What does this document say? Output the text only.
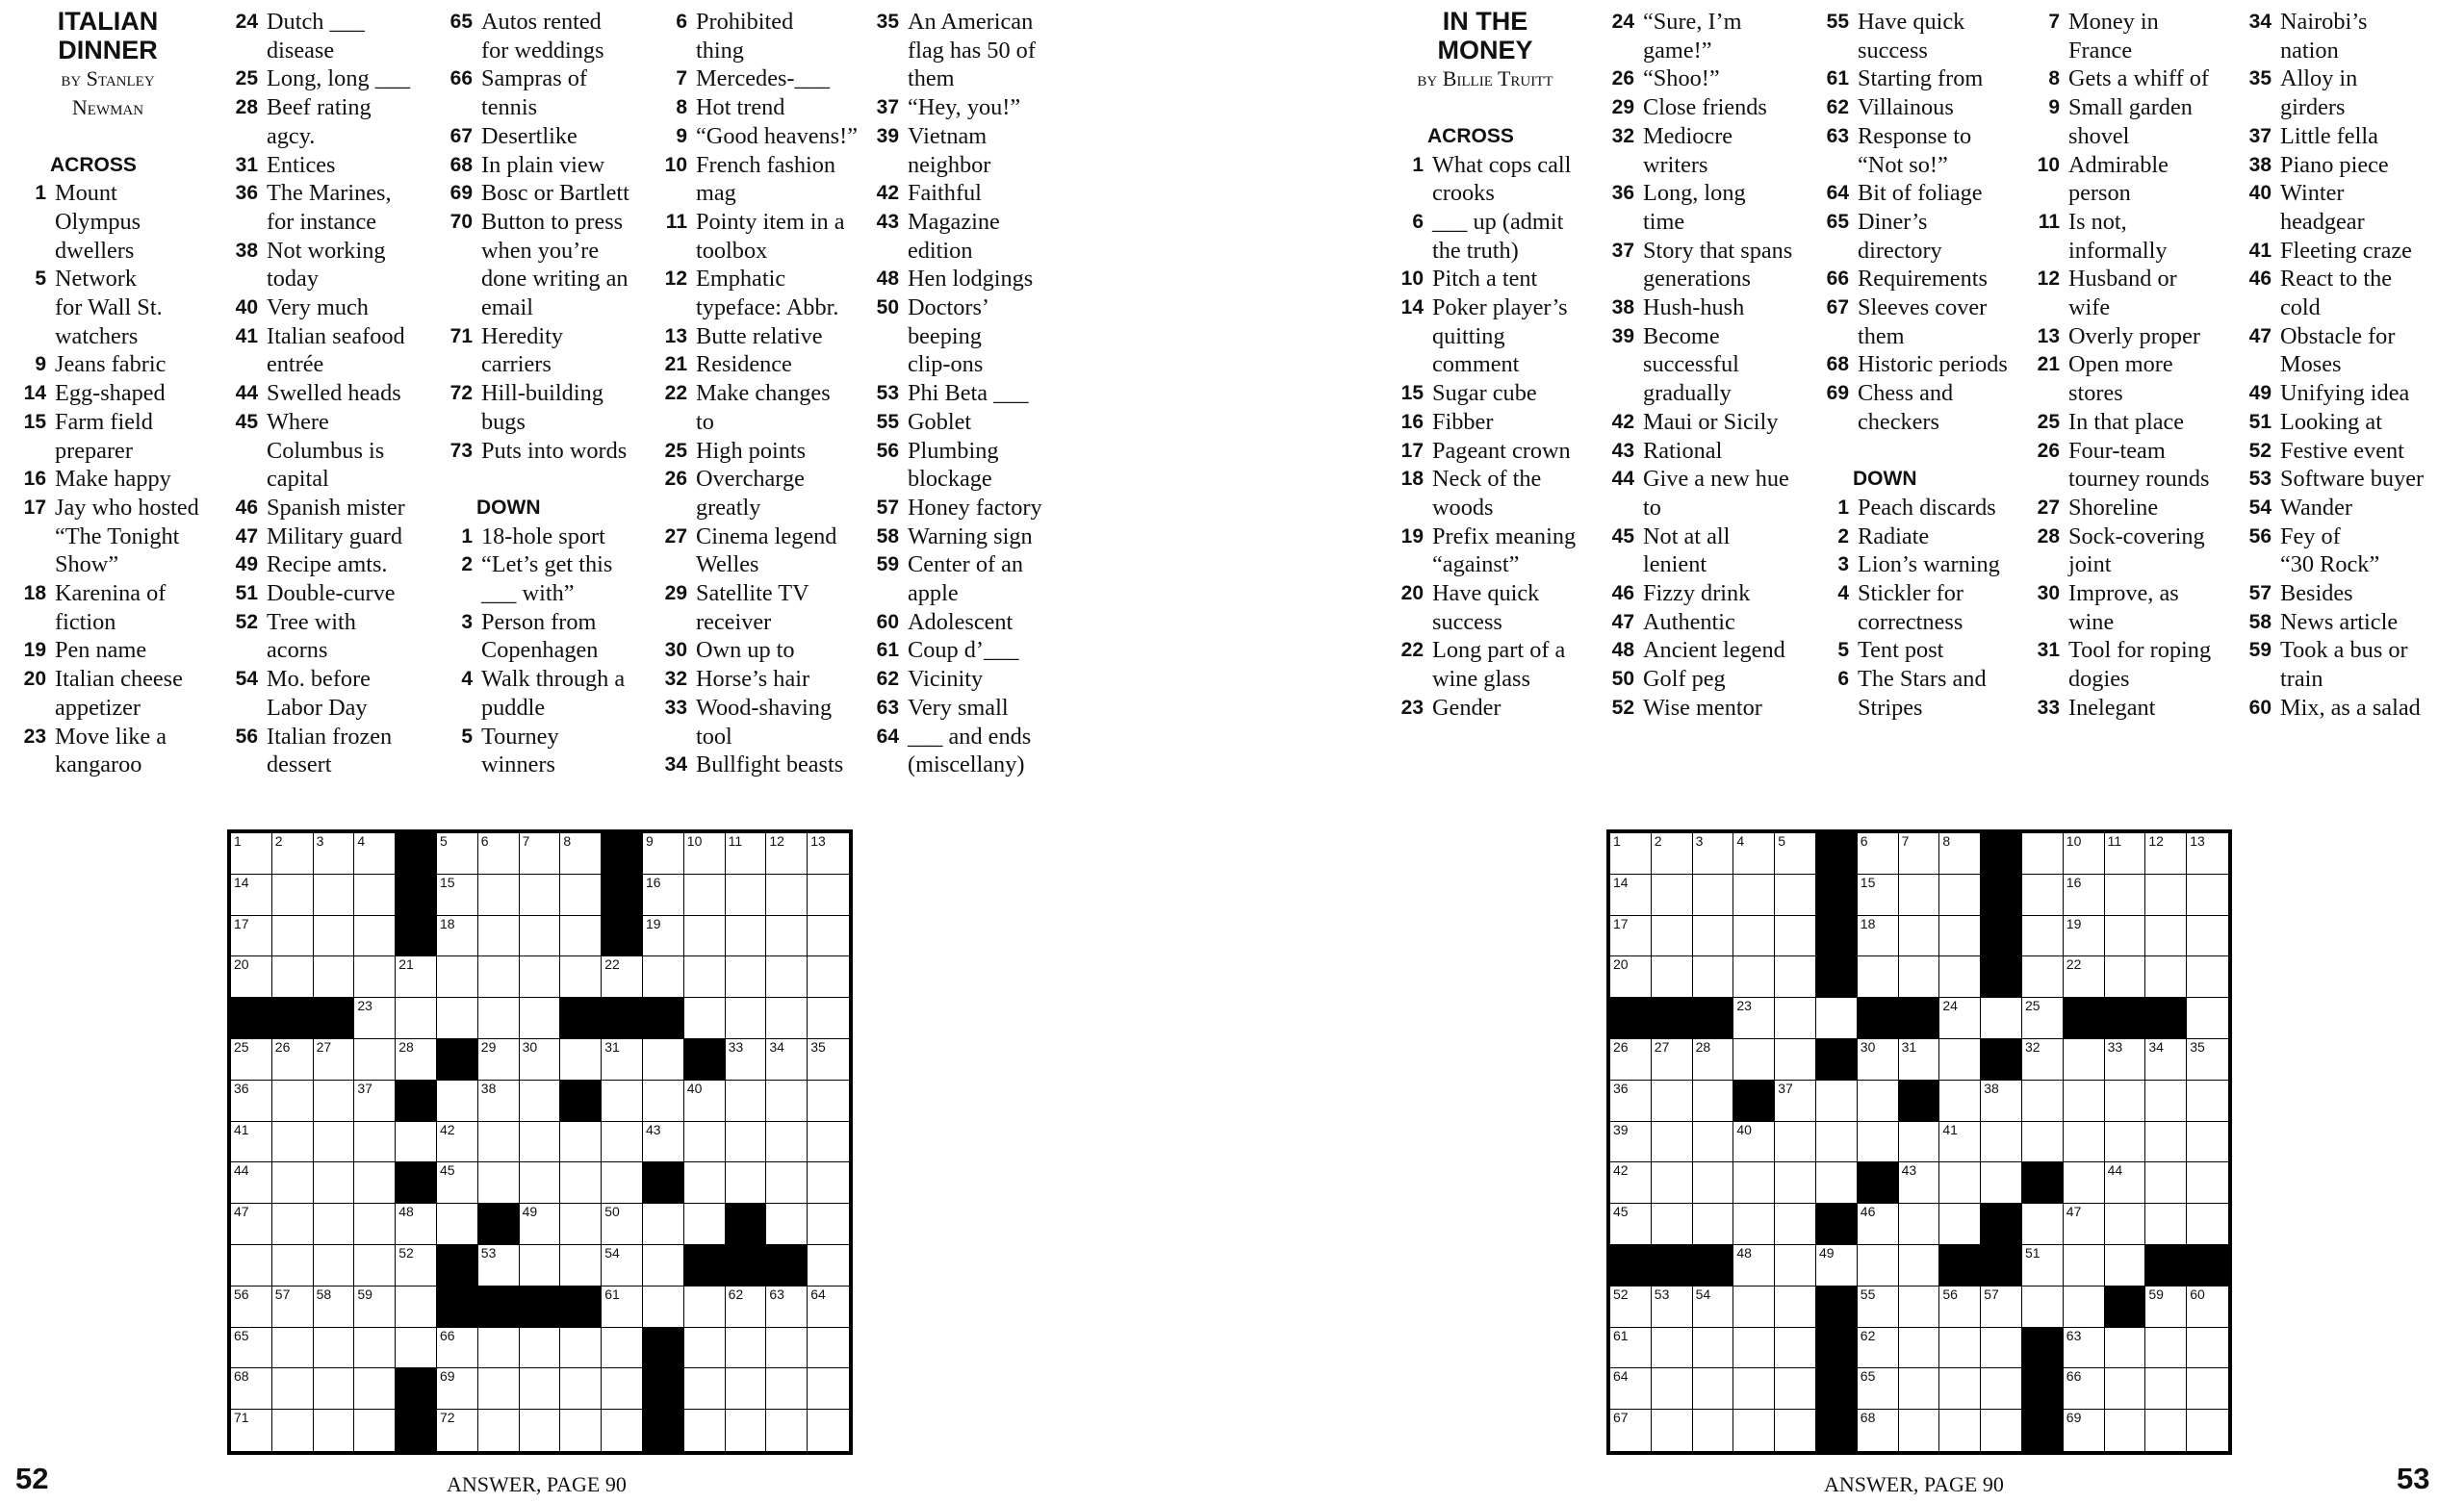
ITALIAN
DINNER
by Stanley
Newman
ACROSS
1 Mount
Olympus
dwellers
5 Network
for Wall St.
watchers
9 Jeans fabric
14 Egg-shaped
15 Farm field
preparer
16 Make happy
17 Jay who hosted
“The Tonight
Show”
18 Karenina of
fiction
19 Pen name
20 Italian cheese
appetizer
23 Move like a
kangaroo
24 Dutch ___
disease
25 Long, long ___
28 Beef rating
agcy.
31 Entices
36 The Marines,
for instance
38 Not working
today
40 Very much
41 Italian seafood
entrée
44 Swelled heads
45 Where
Columbus is
capital
46 Spanish mister
47 Military guard
49 Recipe amts.
51 Double-curve
52 Tree with
acorns
54 Mo. before
Labor Day
56 Italian frozen
dessert
65 Autos rented
for weddings
66 Sampras of
tennis
67 Desertlike
68 In plain view
69 Bosc or Bartlett
70 Button to press
when you’re
done writing an
email
71 Heredity
carriers
72 Hill-building
bugs
73 Puts into words
DOWN
1 18-hole sport
2 “Let’s get this
___ with”
3 Person from
Copenhagen
4 Walk through a
puddle
5 Tourney
winners
6 Prohibited
thing
7 Mercedes-___
8 Hot trend
9 “Good heavens!”
10 French fashion
mag
11 Pointy item in a
toolbox
12 Emphatic
typeface: Abbr.
13 Butte relative
21 Residence
22 Make changes
to
25 High points
26 Overcharge
greatly
27 Cinema legend
Welles
29 Satellite TV
receiver
30 Own up to
32 Horse’s hair
33 Wood-shaving
tool
34 Bullfight beasts
35 An American
flag has 50 of
them
37 “Hey, you!”
39 Vietnam
neighbor
42 Faithful
43 Magazine
edition
48 Hen lodgings
50 Doctors’
beeping
clip-ons
53 Phi Beta ___
55 Goblet
56 Plumbing
blockage
57 Honey factory
58 Warning sign
59 Center of an
apple
60 Adolescent
61 Coup d’___
62 Vicinity
63 Very small
64 ___ and ends
(miscellany)
1	2	3	4	5	6	7	8	9	10 11 12 13
14	15	16
17	18	19
20	21	22
23
25 26 27	28	29 30	31	33 34 35
36	37	38	40
41	42	43
44	45
47	48	49	50
52	53	54
56 57 58 59	61	62 63 64
65	66
68	69
71	72
52	ANSWER, PAGE 90
IN THE
MONEY
by Billie Truitt
ACROSS
1 What cops call
crooks
6 ___ up (admit
the truth)
10 Pitch a tent
14 Poker player’s
quitting
comment
15 Sugar cube
16 Fibber
17 Pageant crown
18 Neck of the
woods
19 Prefix meaning
“against”
20 Have quick
success
22 Long part of a
wine glass
23 Gender
24 “Sure, I’m
game!”
26 “Shoo!”
29 Close friends
32 Mediocre
writers
36 Long, long
time
37 Story that spans
generations
38 Hush-hush
39 Become
successful
gradually
42 Maui or Sicily
43 Rational
44 Give a new hue
to
45 Not at all
lenient
46 Fizzy drink
47 Authentic
48 Ancient legend
50 Golf peg
52 Wise mentor
55 Have quick
success
61 Starting from
62 Villainous
63 Response to
“Not so!”
64 Bit of foliage
65 Diner’s
directory
66 Requirements
67 Sleeves cover
them
68 Historic periods
69 Chess and
checkers
DOWN
1 Peach discards
2 Radiate
3 Lion’s warning
4 Stickler for
correctness
5 Tent post
6 The Stars and
Stripes
7 Money in
France
8 Gets a whiff of
9 Small garden
shovel
10 Admirable
person
11 Is not,
informally
12 Husband or
wife
13 Overly proper
21 Open more
stores
25 In that place
26 Four-team
tourney rounds
27 Shoreline
28 Sock-covering
joint
30 Improve, as
wine
31 Tool for roping
dogies
33 Inelegant
34 Nairobi’s
nation
35 Alloy in
girders
37 Little fella
38 Piano piece
40 Winter
headgear
41 Fleeting craze
46 React to the
cold
47 Obstacle for
Moses
49 Unifying idea
51 Looking at
52 Festive event
53 Software buyer
54 Wander
56 Fey of
“30 Rock”
57 Besides
58 News article
59 Took a bus or
train
60 Mix, as a salad
1	2	3	4	5	6	7	8	10 11 12 13
14	15	16
17	18	19
20	22
23	24	25
26 27 28	30 31	32	33 34 35
36	37	38
39	40	41
42	43	44
45	46	47
48	49	51
52 53 54	55	56 57	59 60
61	62	63
64	65	66
67	68	69
53
ANSWER, PAGE 90
